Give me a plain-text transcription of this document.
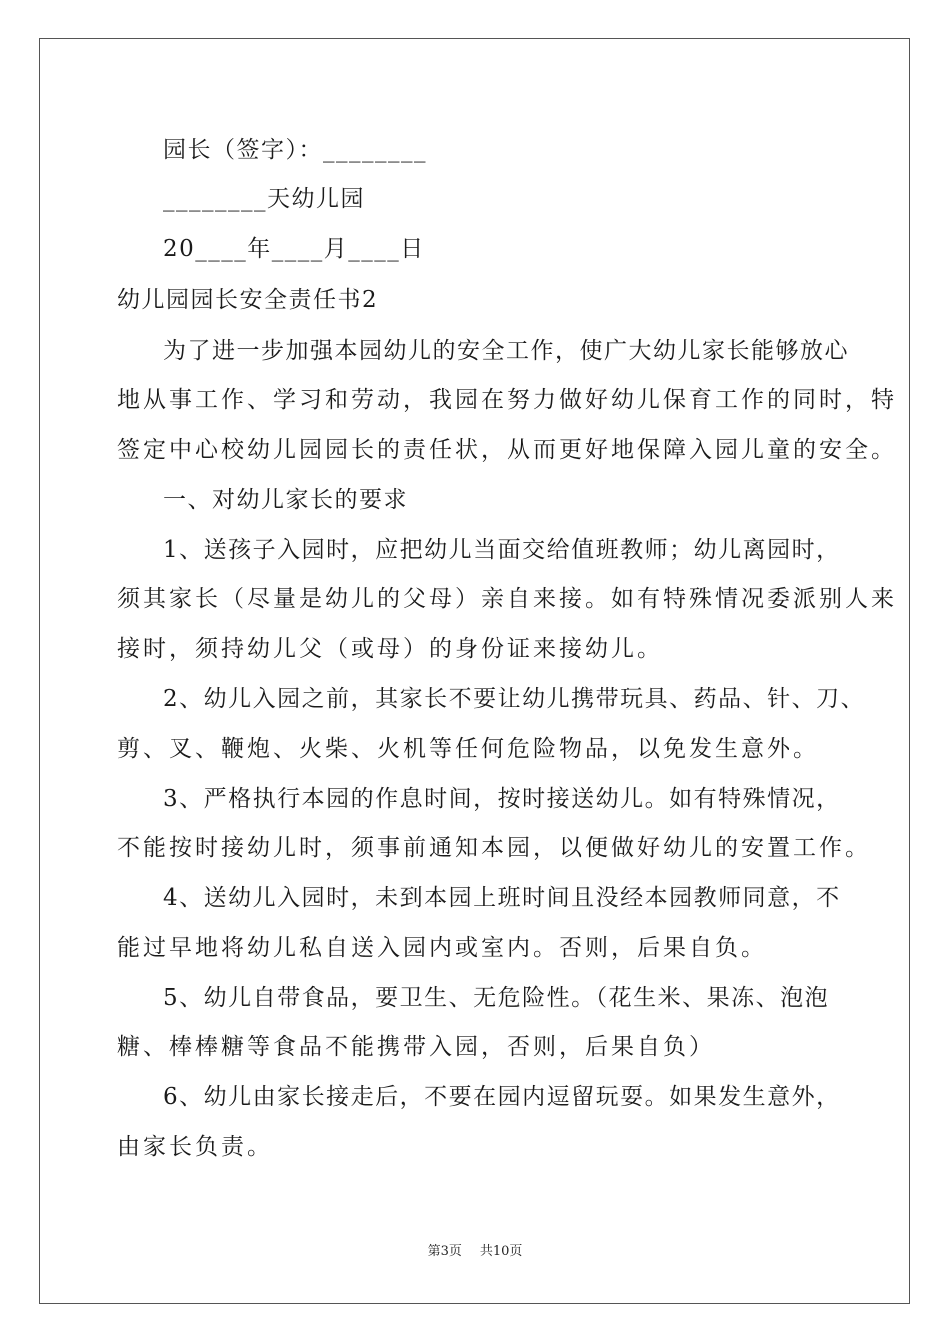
园长（签字）：________
________天幼儿园
20____年____月____日
幼儿园园长安全责任书2
为了进一步加强本园幼儿的安全工作，使广大幼儿家长能够放心
地从事工作、学习和劳动，我园在努力做好幼儿保育工作的同时，特
签定中心校幼儿园园长的责任状，从而更好地保障入园儿童的安全。
一、对幼儿家长的要求
1、送孩子入园时，应把幼儿当面交给值班教师；幼儿离园时，
须其家长（尽量是幼儿的父母）亲自来接。如有特殊情况委派别人来
接时，须持幼儿父（或母）的身份证来接幼儿。
2、幼儿入园之前，其家长不要让幼儿携带玩具、药品、针、刀、
剪、叉、鞭炮、火柴、火机等任何危险物品，以免发生意外。
3、严格执行本园的作息时间，按时接送幼儿。如有特殊情况，
不能按时接幼儿时，须事前通知本园，以便做好幼儿的安置工作。
4、送幼儿入园时，未到本园上班时间且没经本园教师同意，不
能过早地将幼儿私自送入园内或室内。否则，后果自负。
5、幼儿自带食品，要卫生、无危险性。（花生米、果冻、泡泡
糖、棒棒糖等食品不能携带入园，否则，后果自负）
6、幼儿由家长接走后，不要在园内逗留玩耍。如果发生意外，
由家长负责。
第3页 共10页
